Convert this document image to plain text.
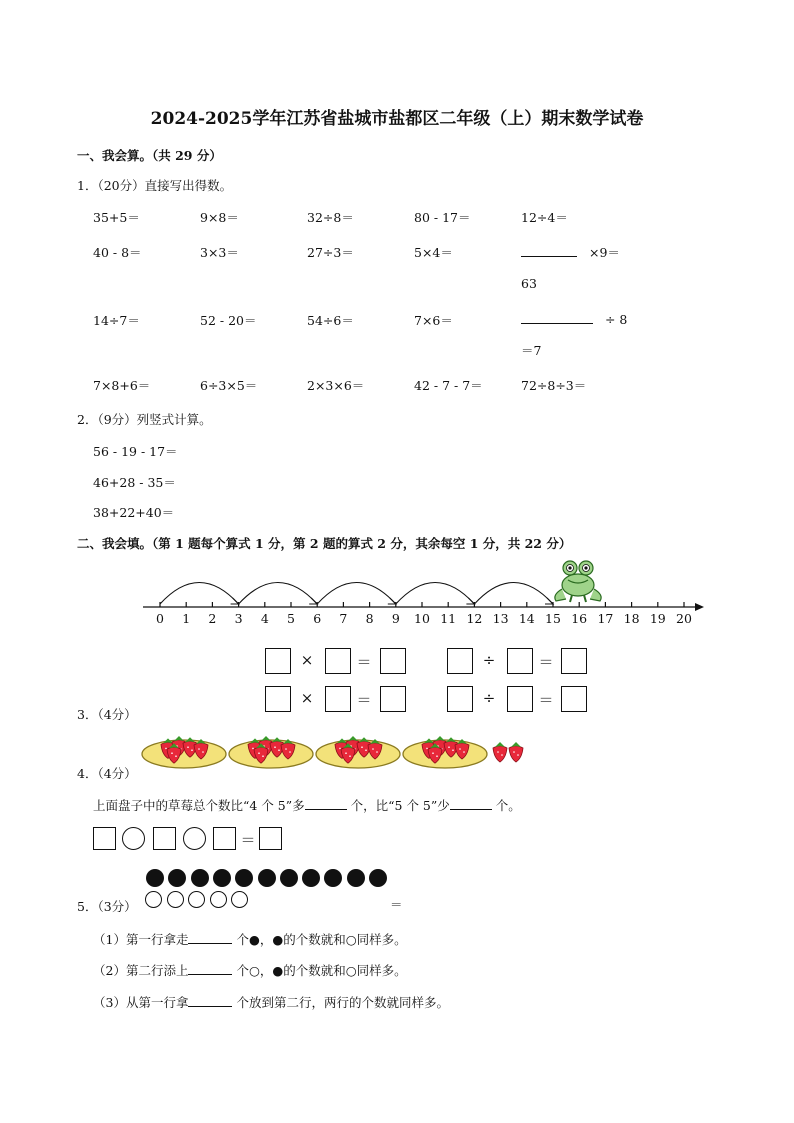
2024-2025学年江苏省盐城市盐都区二年级（上）期末数学试卷
一、我会算。（共 29 分）
1．（20分）直接写出得数。
35+5＝	9×8＝	32÷8＝	80 - 17＝	12÷4＝
40 - 8＝	3×3＝	27÷3＝	5×4＝	×9＝
63
14÷7＝	52 - 20＝	54÷6＝	7×6＝	÷ 8
＝7
7×8+6＝	6÷3×5＝	2×3×6＝	42 - 7 - 7＝	72÷8÷3＝
2．（9分）列竖式计算。
56 - 19 - 17＝
46+28 - 35＝
38+22+40＝
二、我会填。（第 1 题每个算式 1 分，第 2 题的算式 2 分，其余每空 1 分，共 22 分）
0 1 2 3 4 5 6 7 8 9 10 11 12 13 14 15 16 17 18 19 20
×	＝	÷	＝
×	＝	÷	＝
3．（4分）
4．（4分）
上面盘子中的草莓总个数比“4 个 5”多	个，比“5 个 5”少	个。
＝
＝
5．（3分）
（1）第一行拿走	个●，●的个数就和○同样多。
（2）第二行添上	个○，●的个数就和○同样多。
（3）从第一行拿	个放到第二行，两行的个数就同样多。
